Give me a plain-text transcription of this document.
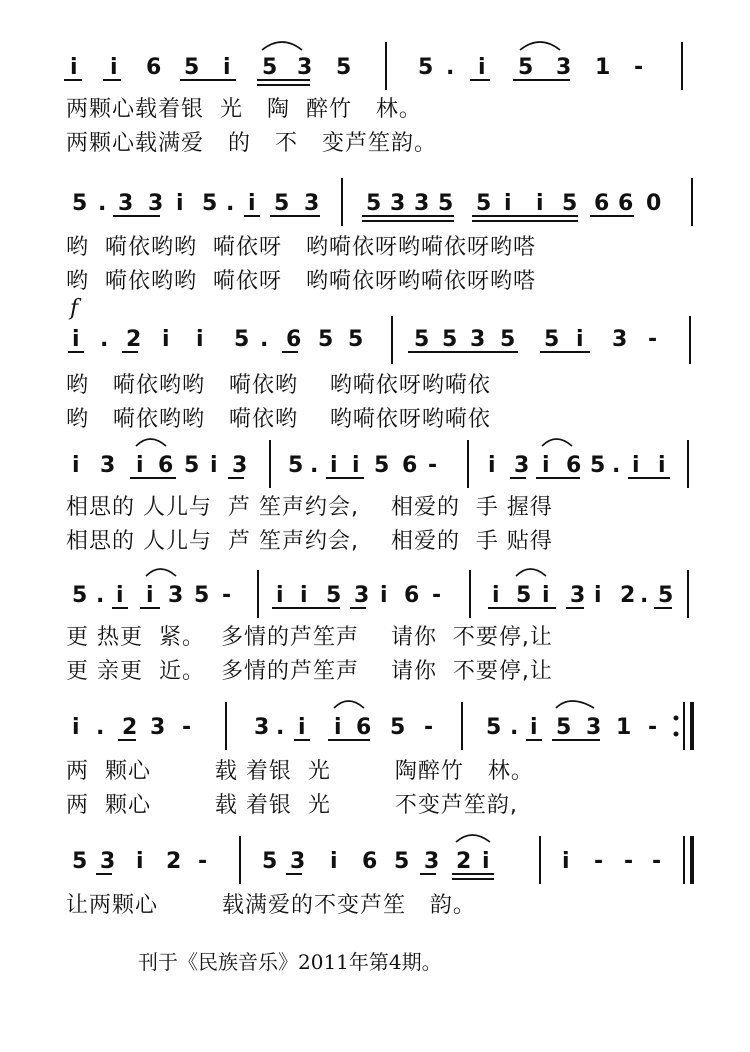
i i 6 5 i 5 3 5	5 . i 5 3 1 -
两颗心载着银  光   陶  醉竹   林。
两颗心载满爱   的   不   变芦笙韵。
5 . 3 3 i 5 . i 5 3 5 3 3 5 5 i i 5 6 6 0
哟  嗬依哟哟  嗬依呀   哟嗬依呀哟嗬依呀哟嗒
哟  嗬依哟哟  嗬依呀   哟嗬依呀哟嗬依呀哟嗒
f
i . 2 i i 5 . 6 5 5 5 5 3 5 5 i 3 -
哟   嗬依哟哟   嗬依哟    哟嗬依呀哟嗬依
哟   嗬依哟哟   嗬依哟    哟嗬依呀哟嗬依
i 3 i 6 5 i 3 5 . i i 5 6 - i 3 i 6 5 . i i
相思的 人儿与  芦 笙声约会,    相爱的  手 握得
相思的 人儿与  芦 笙声约会,    相爱的  手 贴得
5 . i i 3 5 - i i 5 3 i 6 - i 5 i 3 i 2 . 5
更 热更  紧。  多情的芦笙声    请你  不要停,让
更 亲更  近。  多情的芦笙声    请你  不要停,让
i . 2 3 -	3 . i i 6 5 - 5 . i 5 3 1 -
两  颗心        载 着银  光        陶醉竹   林。
两  颗心        载 着银  光        不变芦笙韵,
5 3 i 2 - 5 3 i 6 5 3 2 i	i - - -
让两颗心        载满爱的不变芦笙   韵。
刊于《民族音乐》2011年第4期。
